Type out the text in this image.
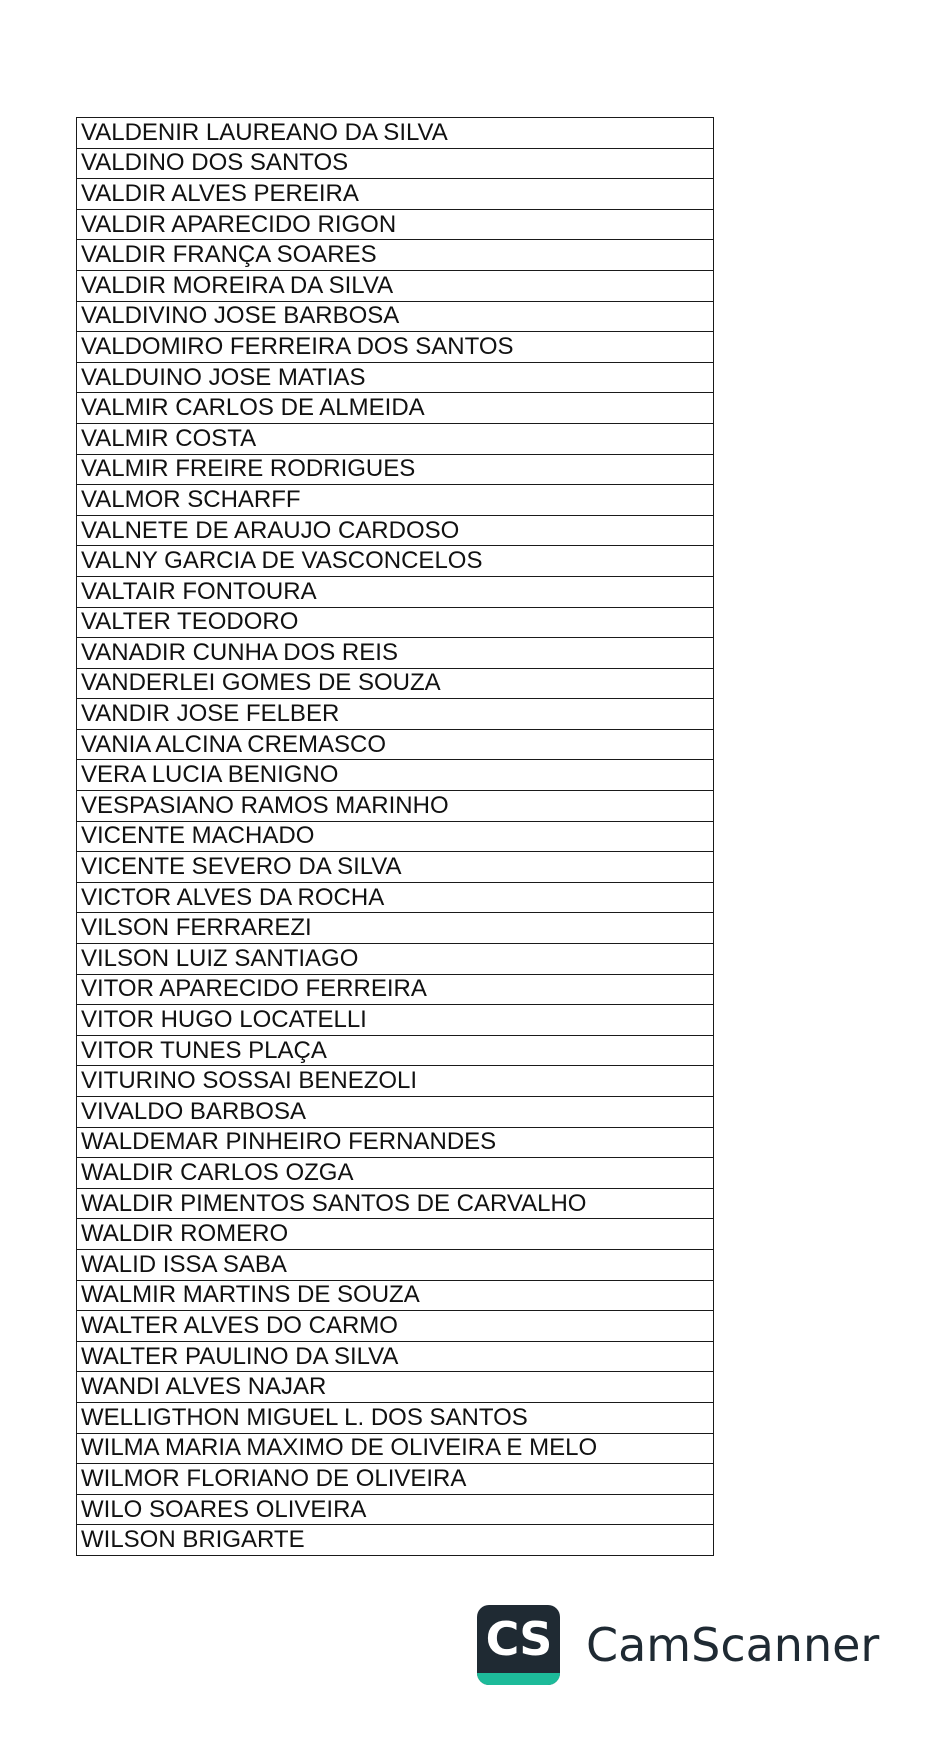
VALDENIR LAUREANO DA SILVA
VALDINO DOS SANTOS
VALDIR ALVES PEREIRA
VALDIR APARECIDO RIGON
VALDIR FRANÇA SOARES
VALDIR MOREIRA DA SILVA
VALDIVINO JOSE BARBOSA
VALDOMIRO FERREIRA DOS SANTOS
VALDUINO JOSE MATIAS
VALMIR CARLOS DE ALMEIDA
VALMIR COSTA
VALMIR FREIRE RODRIGUES
VALMOR SCHARFF
VALNETE DE ARAUJO CARDOSO
VALNY GARCIA DE VASCONCELOS
VALTAIR FONTOURA
VALTER TEODORO
VANADIR CUNHA DOS REIS
VANDERLEI GOMES DE SOUZA
VANDIR JOSE FELBER
VANIA ALCINA CREMASCO
VERA LUCIA BENIGNO
VESPASIANO RAMOS MARINHO
VICENTE MACHADO
VICENTE SEVERO DA SILVA
VICTOR ALVES DA ROCHA
VILSON FERRAREZI
VILSON LUIZ SANTIAGO
VITOR APARECIDO FERREIRA
VITOR HUGO LOCATELLI
VITOR TUNES PLAÇA
VITURINO SOSSAI BENEZOLI
VIVALDO BARBOSA
WALDEMAR PINHEIRO FERNANDES
WALDIR CARLOS OZGA
WALDIR PIMENTOS SANTOS DE CARVALHO
WALDIR ROMERO
WALID ISSA SABA
WALMIR MARTINS DE SOUZA
WALTER ALVES DO CARMO
WALTER PAULINO DA SILVA
WANDI ALVES NAJAR
WELLIGTHON MIGUEL L. DOS SANTOS
WILMA MARIA MAXIMO DE OLIVEIRA E MELO
WILMOR FLORIANO DE OLIVEIRA
WILO SOARES OLIVEIRA
WILSON BRIGARTE
CS CamScanner
